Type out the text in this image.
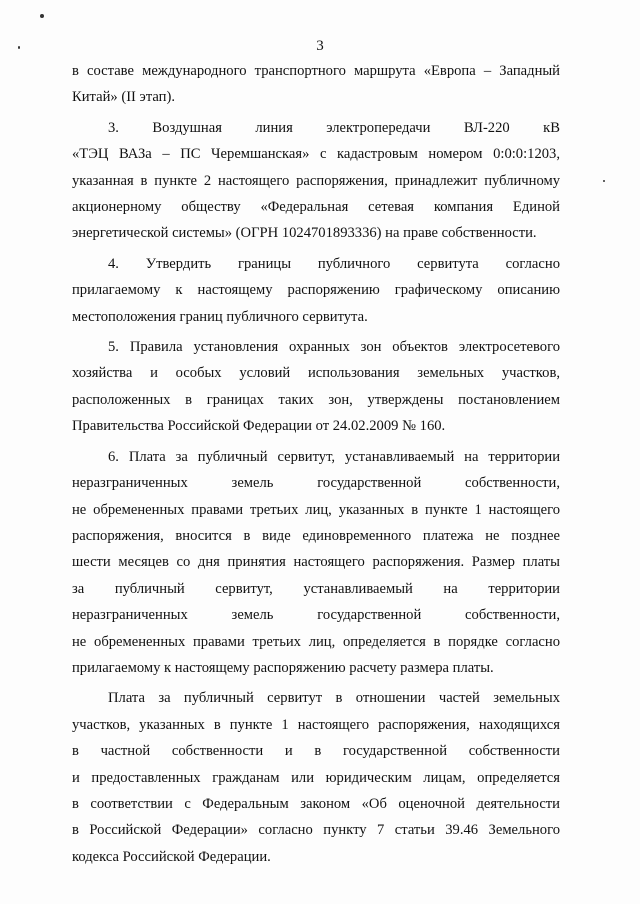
3
в составе международного транспортного маршрута «Европа – Западный
Китай» (II этап).
3. Воздушная линия электропередачи ВЛ-220 кВ
«ТЭЦ ВАЗа – ПС Черемшанская» с кадастровым номером 0:0:0:1203,
указанная в пункте 2 настоящего распоряжения, принадлежит публичному
акционерному обществу «Федеральная сетевая компания Единой
энергетической системы» (ОГРН 1024701893336) на праве собственности.
4. Утвердить границы публичного сервитута согласно
прилагаемому к настоящему распоряжению графическому описанию
местоположения границ публичного сервитута.
5. Правила установления охранных зон объектов электросетевого
хозяйства и особых условий использования земельных участков,
расположенных в границах таких зон, утверждены постановлением
Правительства Российской Федерации от 24.02.2009 № 160.
6. Плата за публичный сервитут, устанавливаемый на территории
неразграниченных земель государственной собственности,
не обремененных правами третьих лиц, указанных в пункте 1 настоящего
распоряжения, вносится в виде единовременного платежа не позднее
шести месяцев со дня принятия настоящего распоряжения. Размер платы
за публичный сервитут, устанавливаемый на территории
неразграниченных земель государственной собственности,
не обремененных правами третьих лиц, определяется в порядке согласно
прилагаемому к настоящему распоряжению расчету размера платы.
Плата за публичный сервитут в отношении частей земельных
участков, указанных в пункте 1 настоящего распоряжения, находящихся
в частной собственности и в государственной собственности
и предоставленных гражданам или юридическим лицам, определяется
в соответствии с Федеральным законом «Об оценочной деятельности
в Российской Федерации» согласно пункту 7 статьи 39.46 Земельного
кодекса Российской Федерации.
